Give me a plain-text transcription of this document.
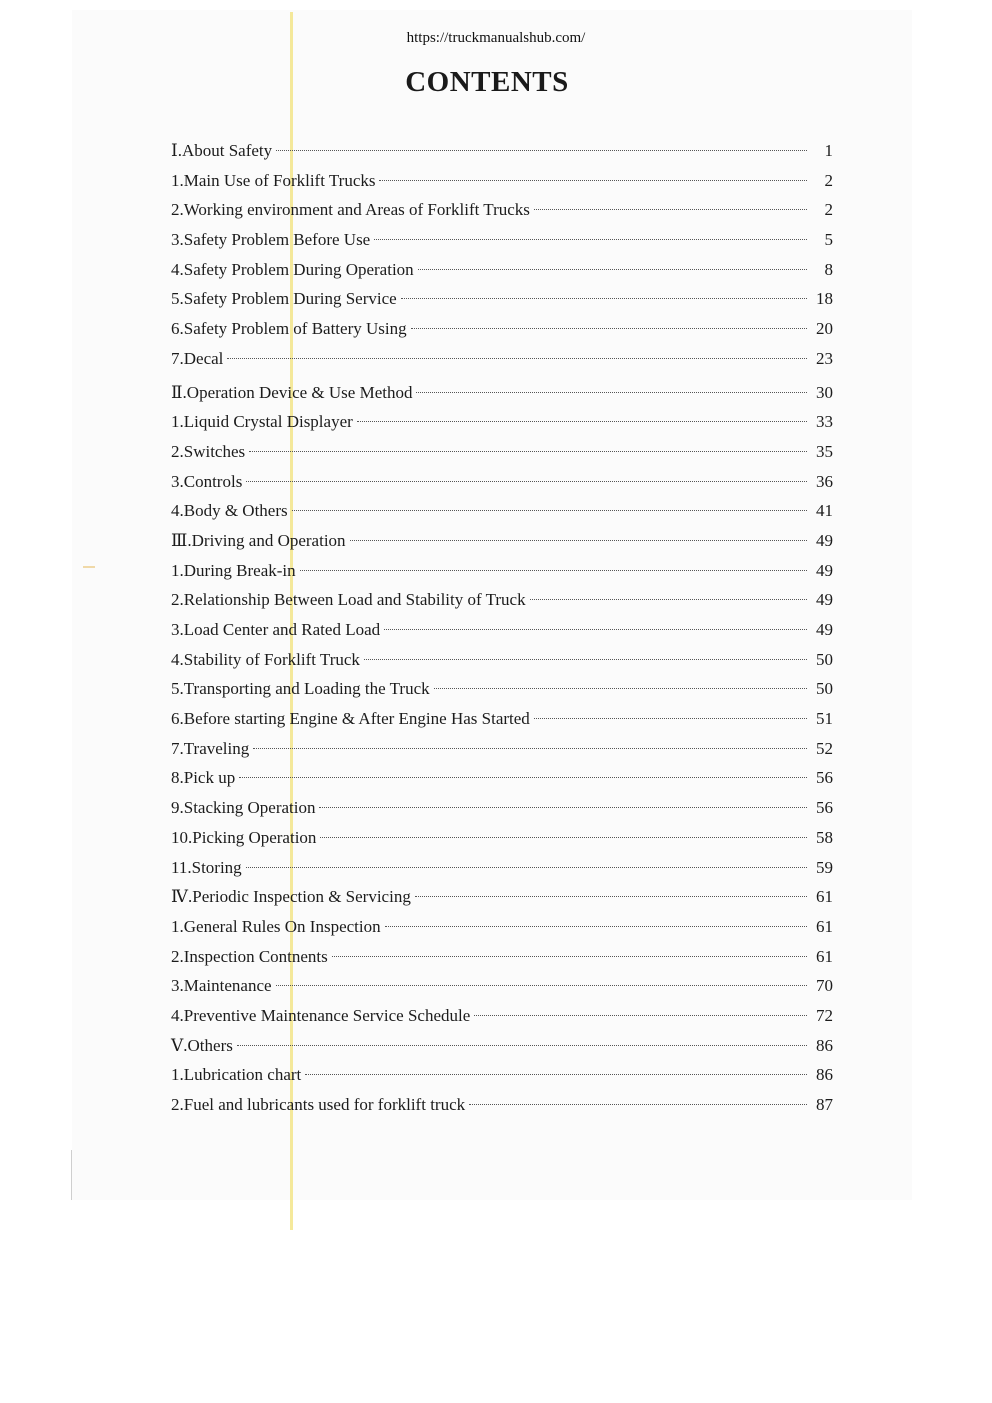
https://truckmanualshub.com/
CONTENTS
Ⅰ.About Safety	1
1.Main Use of Forklift Trucks	2
2.Working environment and Areas of Forklift Trucks	2
3.Safety Problem Before Use	5
4.Safety Problem During Operation	8
5.Safety Problem During Service	18
6.Safety Problem of Battery Using	20
7.Decal	23
Ⅱ.Operation Device & Use Method	30
1.Liquid Crystal Displayer	33
2.Switches	35
3.Controls	36
4.Body & Others	41
Ⅲ.Driving and Operation	49
1.During Break-in	49
2.Relationship Between Load and Stability of Truck	49
3.Load Center and Rated Load	49
4.Stability of Forklift Truck	50
5.Transporting and Loading the Truck	50
6.Before starting Engine & After Engine Has Started	51
7.Traveling	52
8.Pick up	56
9.Stacking Operation	56
10.Picking Operation	58
11.Storing	59
Ⅳ.Periodic Inspection & Servicing	61
1.General Rules On Inspection	61
2.Inspection Contnents	61
3.Maintenance	70
4.Preventive Maintenance Service Schedule	72
Ⅴ.Others	86
1.Lubrication chart	86
2.Fuel and lubricants used for forklift truck	87
